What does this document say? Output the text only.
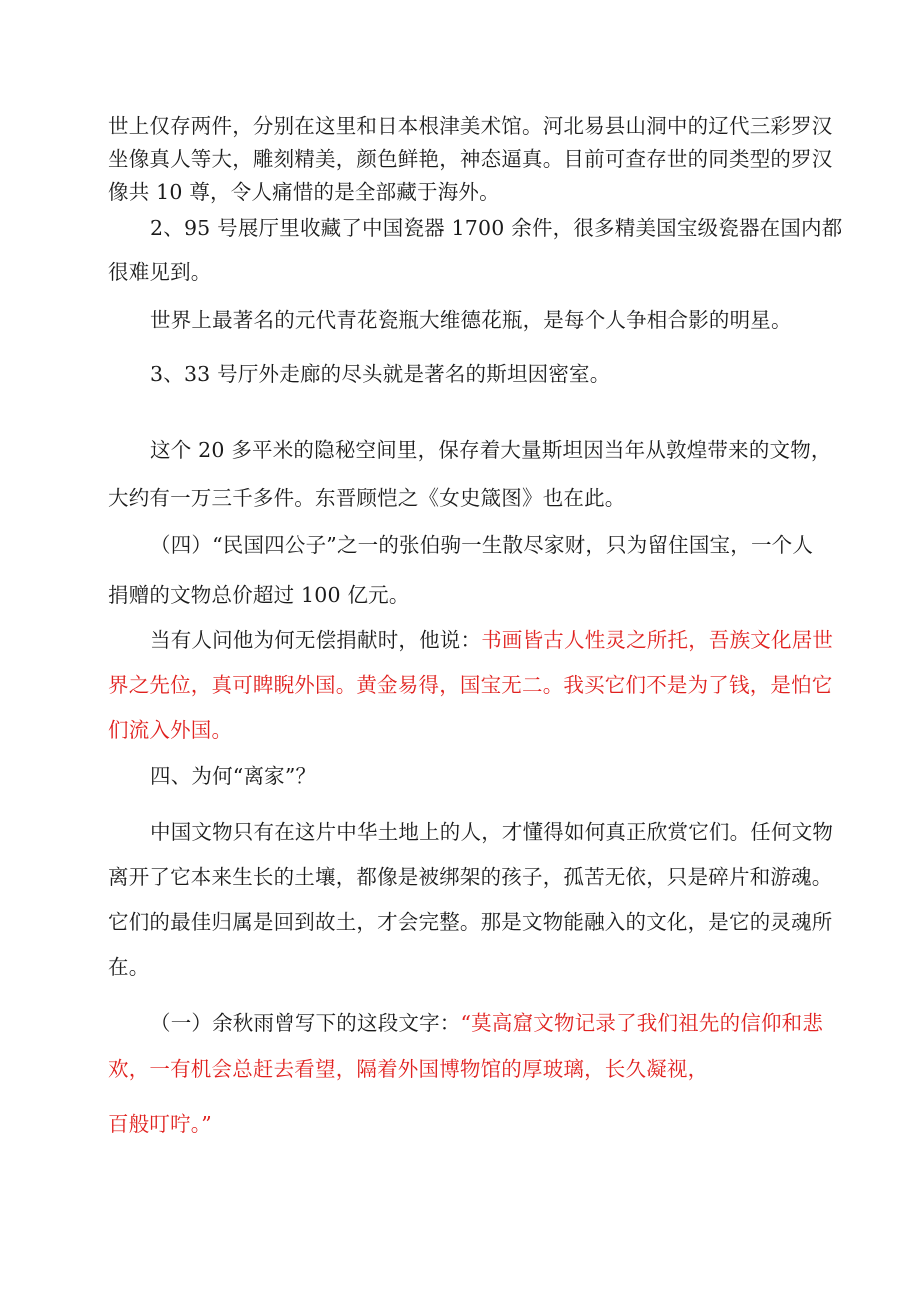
世上仅存两件，分别在这里和日本根津美术馆。河北易县山洞中的辽代三彩罗汉
坐像真人等大，雕刻精美，颜色鲜艳，神态逼真。目前可查存世的同类型的罗汉
像共 10 尊，令人痛惜的是全部藏于海外。
2、95 号展厅里收藏了中国瓷器 1700 余件，很多精美国宝级瓷器在国内都
很难见到。
世界上最著名的元代青花瓷瓶大维德花瓶，是每个人争相合影的明星。
3、33 号厅外走廊的尽头就是著名的斯坦因密室。
这个 20 多平米的隐秘空间里，保存着大量斯坦因当年从敦煌带来的文物，
大约有一万三千多件。东晋顾恺之《女史箴图》也在此。
（四）“民国四公子”之一的张伯驹一生散尽家财，只为留住国宝，一个人
捐赠的文物总价超过 100 亿元。
当有人问他为何无偿捐献时，他说：书画皆古人性灵之所托，吾族文化居世
界之先位，真可睥睨外国。黄金易得，国宝无二。我买它们不是为了钱，是怕它
们流入外国。
四、为何“离家”？
中国文物只有在这片中华土地上的人，才懂得如何真正欣赏它们。任何文物
离开了它本来生长的土壤，都像是被绑架的孩子，孤苦无依，只是碎片和游魂。
它们的最佳归属是回到故土，才会完整。那是文物能融入的文化，是它的灵魂所
在。
（一）余秋雨曾写下的这段文字：“莫高窟文物记录了我们祖先的信仰和悲
欢，一有机会总赶去看望，隔着外国博物馆的厚玻璃，长久凝视，
百般叮咛。”
